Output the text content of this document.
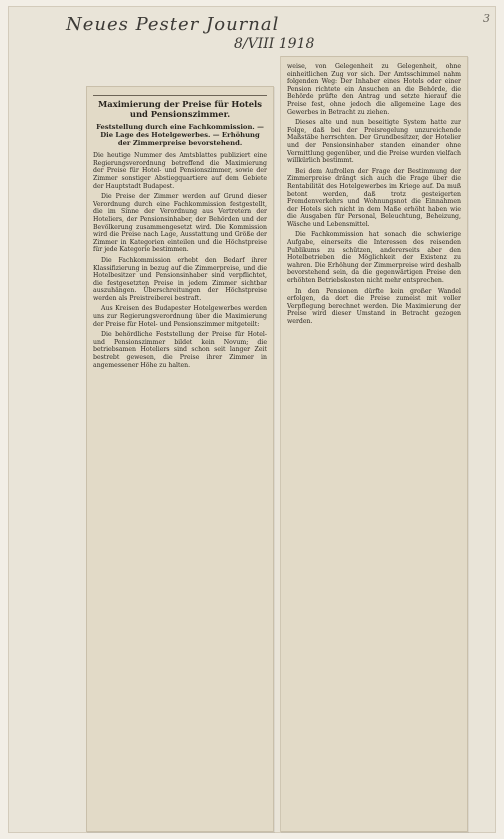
Neues Pester Journal
8/VIII 1918
3
Maximierung der Preise für Hotels und Pensionszimmer.
Feststellung durch eine Fachkommission. — Die Lage des Hotelgewerbes. — Erhöhung der Zimmerpreise bevorstehend.

Die heutige Nummer des Amtsblattes publiziert eine Regierungsverordnung betreffend die Maximierung der Preise für Hotel- und Pensionszimmer, sowie der Zimmer sonstiger Abstiegquartiere auf dem Gebiete der Hauptstadt Budapest.

Die Preise der Zimmer werden auf Grund dieser Verordnung durch eine Fachkommission festgestellt, die im Sinne der Verordnung aus Vertretern der Hoteliers, der Pensionsinhaber, der Behörden und der Bevölkerung zusammengesetzt wird. Die Kommission wird die Preise nach Lage, Ausstattung und Größe der Zimmer in Kategorien einteilen und die Höchstpreise für jede Kategorie bestimmen.

Die Fachkommission erhebt den Bedarf ihrer Klassifizierung in bezug auf die Zimmerpreise, und die Hotelbesitzer und Pensionsinhaber sind verpflichtet, die festgesetzten Preise in jedem Zimmer sichtbar auszuhängen. Überschreitungen der Höchstpreise werden als Preistreiberei bestraft.

Aus Kreisen des Budapester Hotelgewerbes werden uns zur Regierungsverordnung über die Maximierung der Preise für Hotel- und Pensionszimmer mitgeteilt:

Die behördliche Feststellung der Preise für Hotel- und Pensionszimmer bildet kein Novum; die betriebsamen Hoteliers sind schon seit langer Zeit bestrebt gewesen, die Preise ihrer Zimmer in angemessener Höhe zu halten.

weise, von Gelegenheit zu Gelegenheit, ohne einheitlichen Zug vor sich. Der Amtsschimmel nahm folgenden Weg: Der Inhaber eines Hotels oder einer Pension richtete ein Ansuchen an die Behörde, die Behörde prüfte den Antrag und setzte hierauf die Preise fest, ohne jedoch die allgemeine Lage des Gewerbes in Betracht zu ziehen.

Dieses alte und nun beseitigte System hatte zur Folge, daß bei der Preisregelung unzureichende Maßstäbe herrschten. Der Grundbesitzer, der Hotelier und der Pensionsinhaber standen einander ohne Vermittlung gegenüber, und die Preise wurden vielfach willkürlich bestimmt.

Bei dem Aufrollen der Frage der Bestimmung der Zimmerpreise drängt sich auch die Frage über die Rentabilität des Hotelgewerbes im Kriege auf. Da muß betont werden, daß trotz gesteigerten Fremdenverkehrs und Wohnungsnot die Einnahmen der Hotels sich nicht in dem Maße erhöht haben wie die Ausgaben für Personal, Beleuchtung, Beheizung, Wäsche und Lebensmittel.

Die Fachkommission hat sonach die schwierige Aufgabe, einerseits die Interessen des reisenden Publikums zu schützen, andererseits aber den Hotelbetrieben die Möglichkeit der Existenz zu wahren. Die Erhöhung der Zimmerpreise wird deshalb bevorstehend sein, da die gegenwärtigen Preise den erhöhten Betriebskosten nicht mehr entsprechen.

In den Pensionen dürfte kein großer Wandel erfolgen, da dort die Preise zumeist mit voller Verpflegung berechnet werden. Die Maximierung der Preise wird dieser Umstand in Betracht gezogen werden.
